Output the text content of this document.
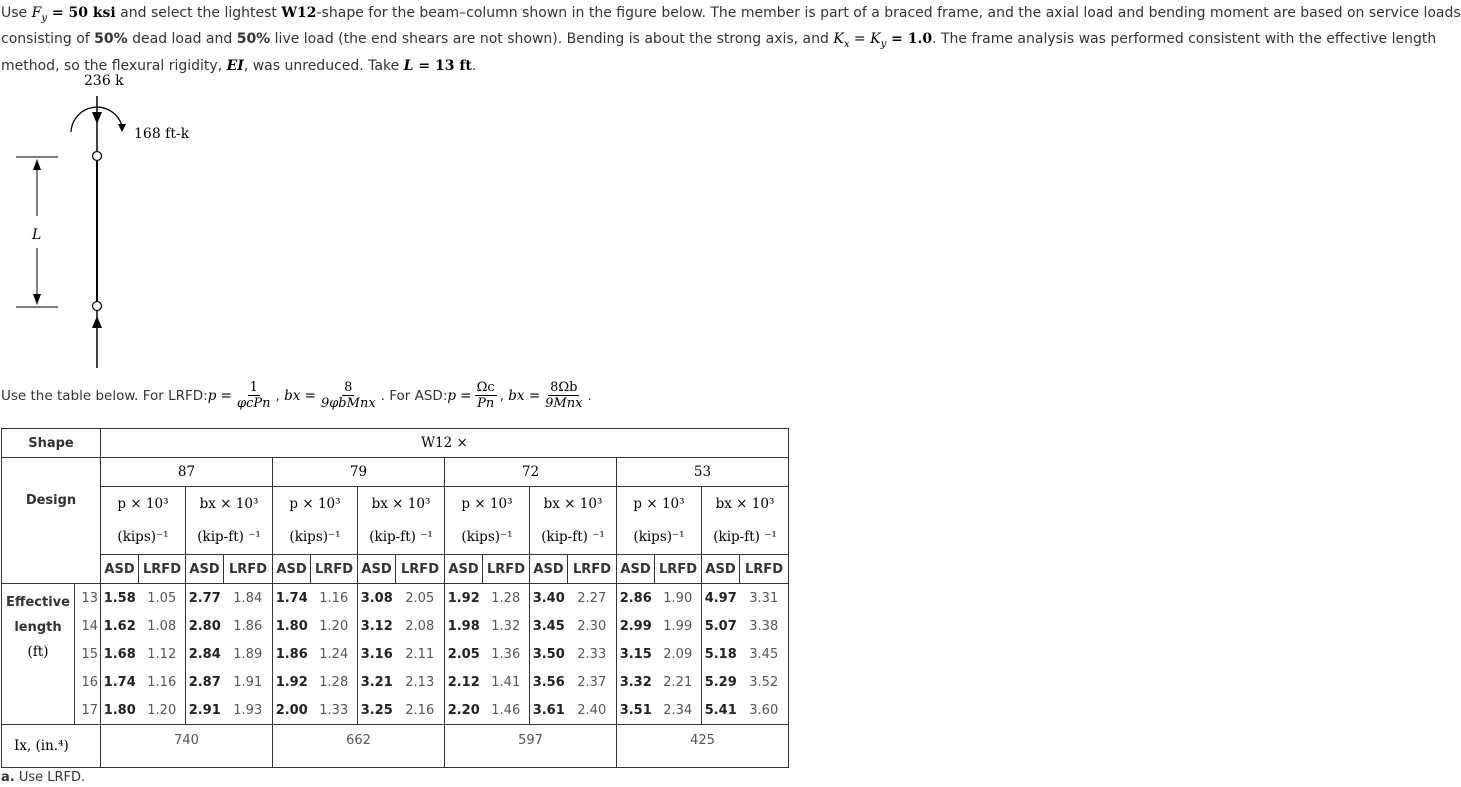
Use $F_y = 50$ ksi and select the lightest W12-shape for the beam–column shown in the figure below. The member is part of a braced frame, and the axial load and bending moment are based on service loads
consisting of 50% dead load and 50% live load (the end shears are not shown). Bending is about the strong axis, and $K_x = K_y = 1.0$. The frame analysis was performed consistent with the effective length
method, so the flexural rigidity, EI, was unreduced. Take L = 13 ft.
236 k
168 ft-k
L
Use the table below. For LRFD: $p = \frac{1}{\text{φcPn}}$ , bx = $\frac{8}{\text{9φbMnx}}$ . For ASD: $p = \frac{\Omega c}{Pn}$ , bx = $\frac{8\Omega b}{\text{9Mnx}}$ .
Shape		W12 ×															
		87				79				72				53			
Design		p × 10³		bx × 10³		p × 10³		bx × 10³		p × 10³		bx × 10³		p × 10³		bx × 10³	
		(kips)⁻¹		(kip-ft) ⁻¹		(kips)⁻¹		(kip-ft) ⁻¹		(kips)⁻¹		(kip-ft) ⁻¹		(kips)⁻¹		(kip-ft) ⁻¹	
		ASD	LRFD	ASD	LRFD	ASD	LRFD	ASD	LRFD	ASD	LRFD	ASD	LRFD	ASD	LRFD	ASD	LRFD

Effective
length
(ft)	13	1.58	1.05	2.77	1.84	1.74	1.16	3.08	2.05	1.92	1.28	3.40	2.27	2.86	1.90	4.97	3.31
	14	1.62	1.08	2.80	1.86	1.80	1.20	3.12	2.08	1.98	1.32	3.45	2.30	2.99	1.99	5.07	3.38
	15	1.68	1.12	2.84	1.89	1.86	1.24	3.16	2.11	2.05	1.36	3.50	2.33	3.15	2.09	5.18	3.45
	16	1.74	1.16	2.87	1.91	1.92	1.28	3.21	2.13	2.12	1.41	3.56	2.37	3.32	2.21	5.29	3.52
	17	1.80	1.20	2.91	1.93	2.00	1.33	3.25	2.16	2.20	1.46	3.61	2.40	3.51	2.34	5.41	3.60
Ix, (in.⁴)		740				662				597				425			
a. Use LRFD.
